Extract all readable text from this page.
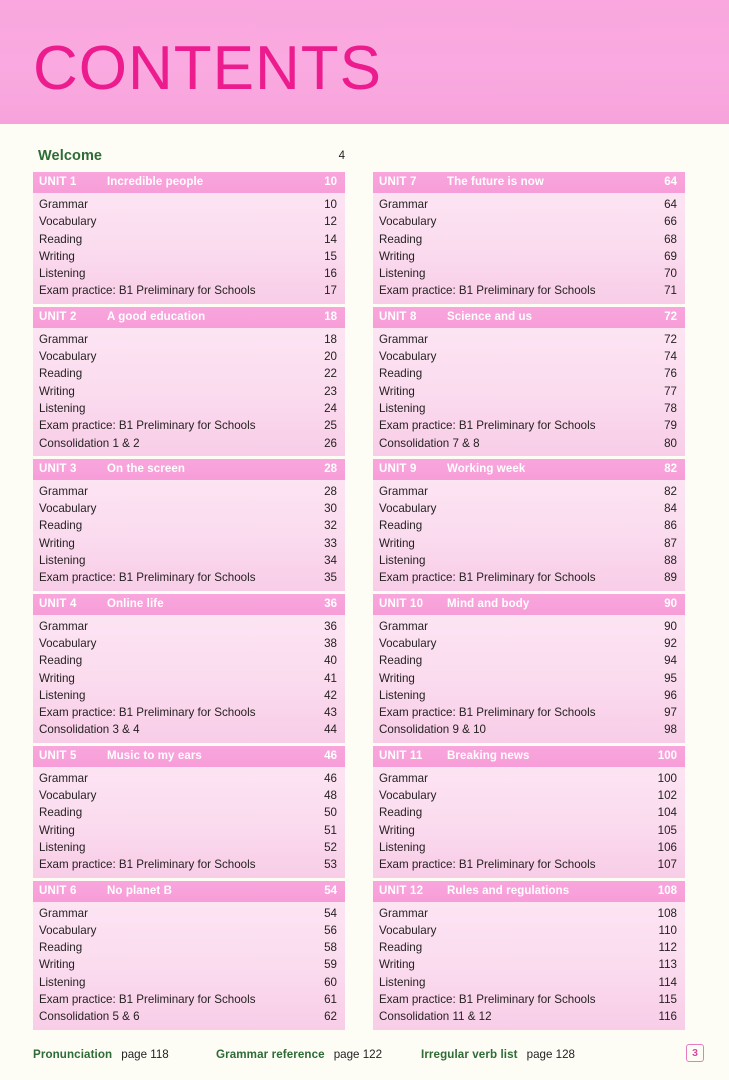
CONTENTS
Welcome	4
UNIT 1	Incredible people	10
Grammar	10
Vocabulary	12
Reading	14
Writing	15
Listening	16
Exam practice: B1 Preliminary for Schools	17
UNIT 2	A good education	18
Grammar	18
Vocabulary	20
Reading	22
Writing	23
Listening	24
Exam practice: B1 Preliminary for Schools	25
Consolidation 1 & 2	26
UNIT 3	On the screen	28
Grammar	28
Vocabulary	30
Reading	32
Writing	33
Listening	34
Exam practice: B1 Preliminary for Schools	35
UNIT 4	Online life	36
Grammar	36
Vocabulary	38
Reading	40
Writing	41
Listening	42
Exam practice: B1 Preliminary for Schools	43
Consolidation 3 & 4	44
UNIT 5	Music to my ears	46
Grammar	46
Vocabulary	48
Reading	50
Writing	51
Listening	52
Exam practice: B1 Preliminary for Schools	53
UNIT 6	No planet B	54
Grammar	54
Vocabulary	56
Reading	58
Writing	59
Listening	60
Exam practice: B1 Preliminary for Schools	61
Consolidation 5 & 6	62
UNIT 7	The future is now	64
Grammar	64
Vocabulary	66
Reading	68
Writing	69
Listening	70
Exam practice: B1 Preliminary for Schools	71
UNIT 8	Science and us	72
Grammar	72
Vocabulary	74
Reading	76
Writing	77
Listening	78
Exam practice: B1 Preliminary for Schools	79
Consolidation 7 & 8	80
UNIT 9	Working week	82
Grammar	82
Vocabulary	84
Reading	86
Writing	87
Listening	88
Exam practice: B1 Preliminary for Schools	89
UNIT 10 Mind and body	90
Grammar	90
Vocabulary	92
Reading	94
Writing	95
Listening	96
Exam practice: B1 Preliminary for Schools	97
Consolidation 9 & 10	98
UNIT 11 Breaking news	100
Grammar	100
Vocabulary	102
Reading	104
Writing	105
Listening	106
Exam practice: B1 Preliminary for Schools	107
UNIT 12 Rules and regulations	108
Grammar	108
Vocabulary	110
Reading	112
Writing	113
Listening	114
Exam practice: B1 Preliminary for Schools	115
Consolidation 11 & 12	116
Pronunciation page 118	Grammar reference page 122	Irregular verb list page 128	3
